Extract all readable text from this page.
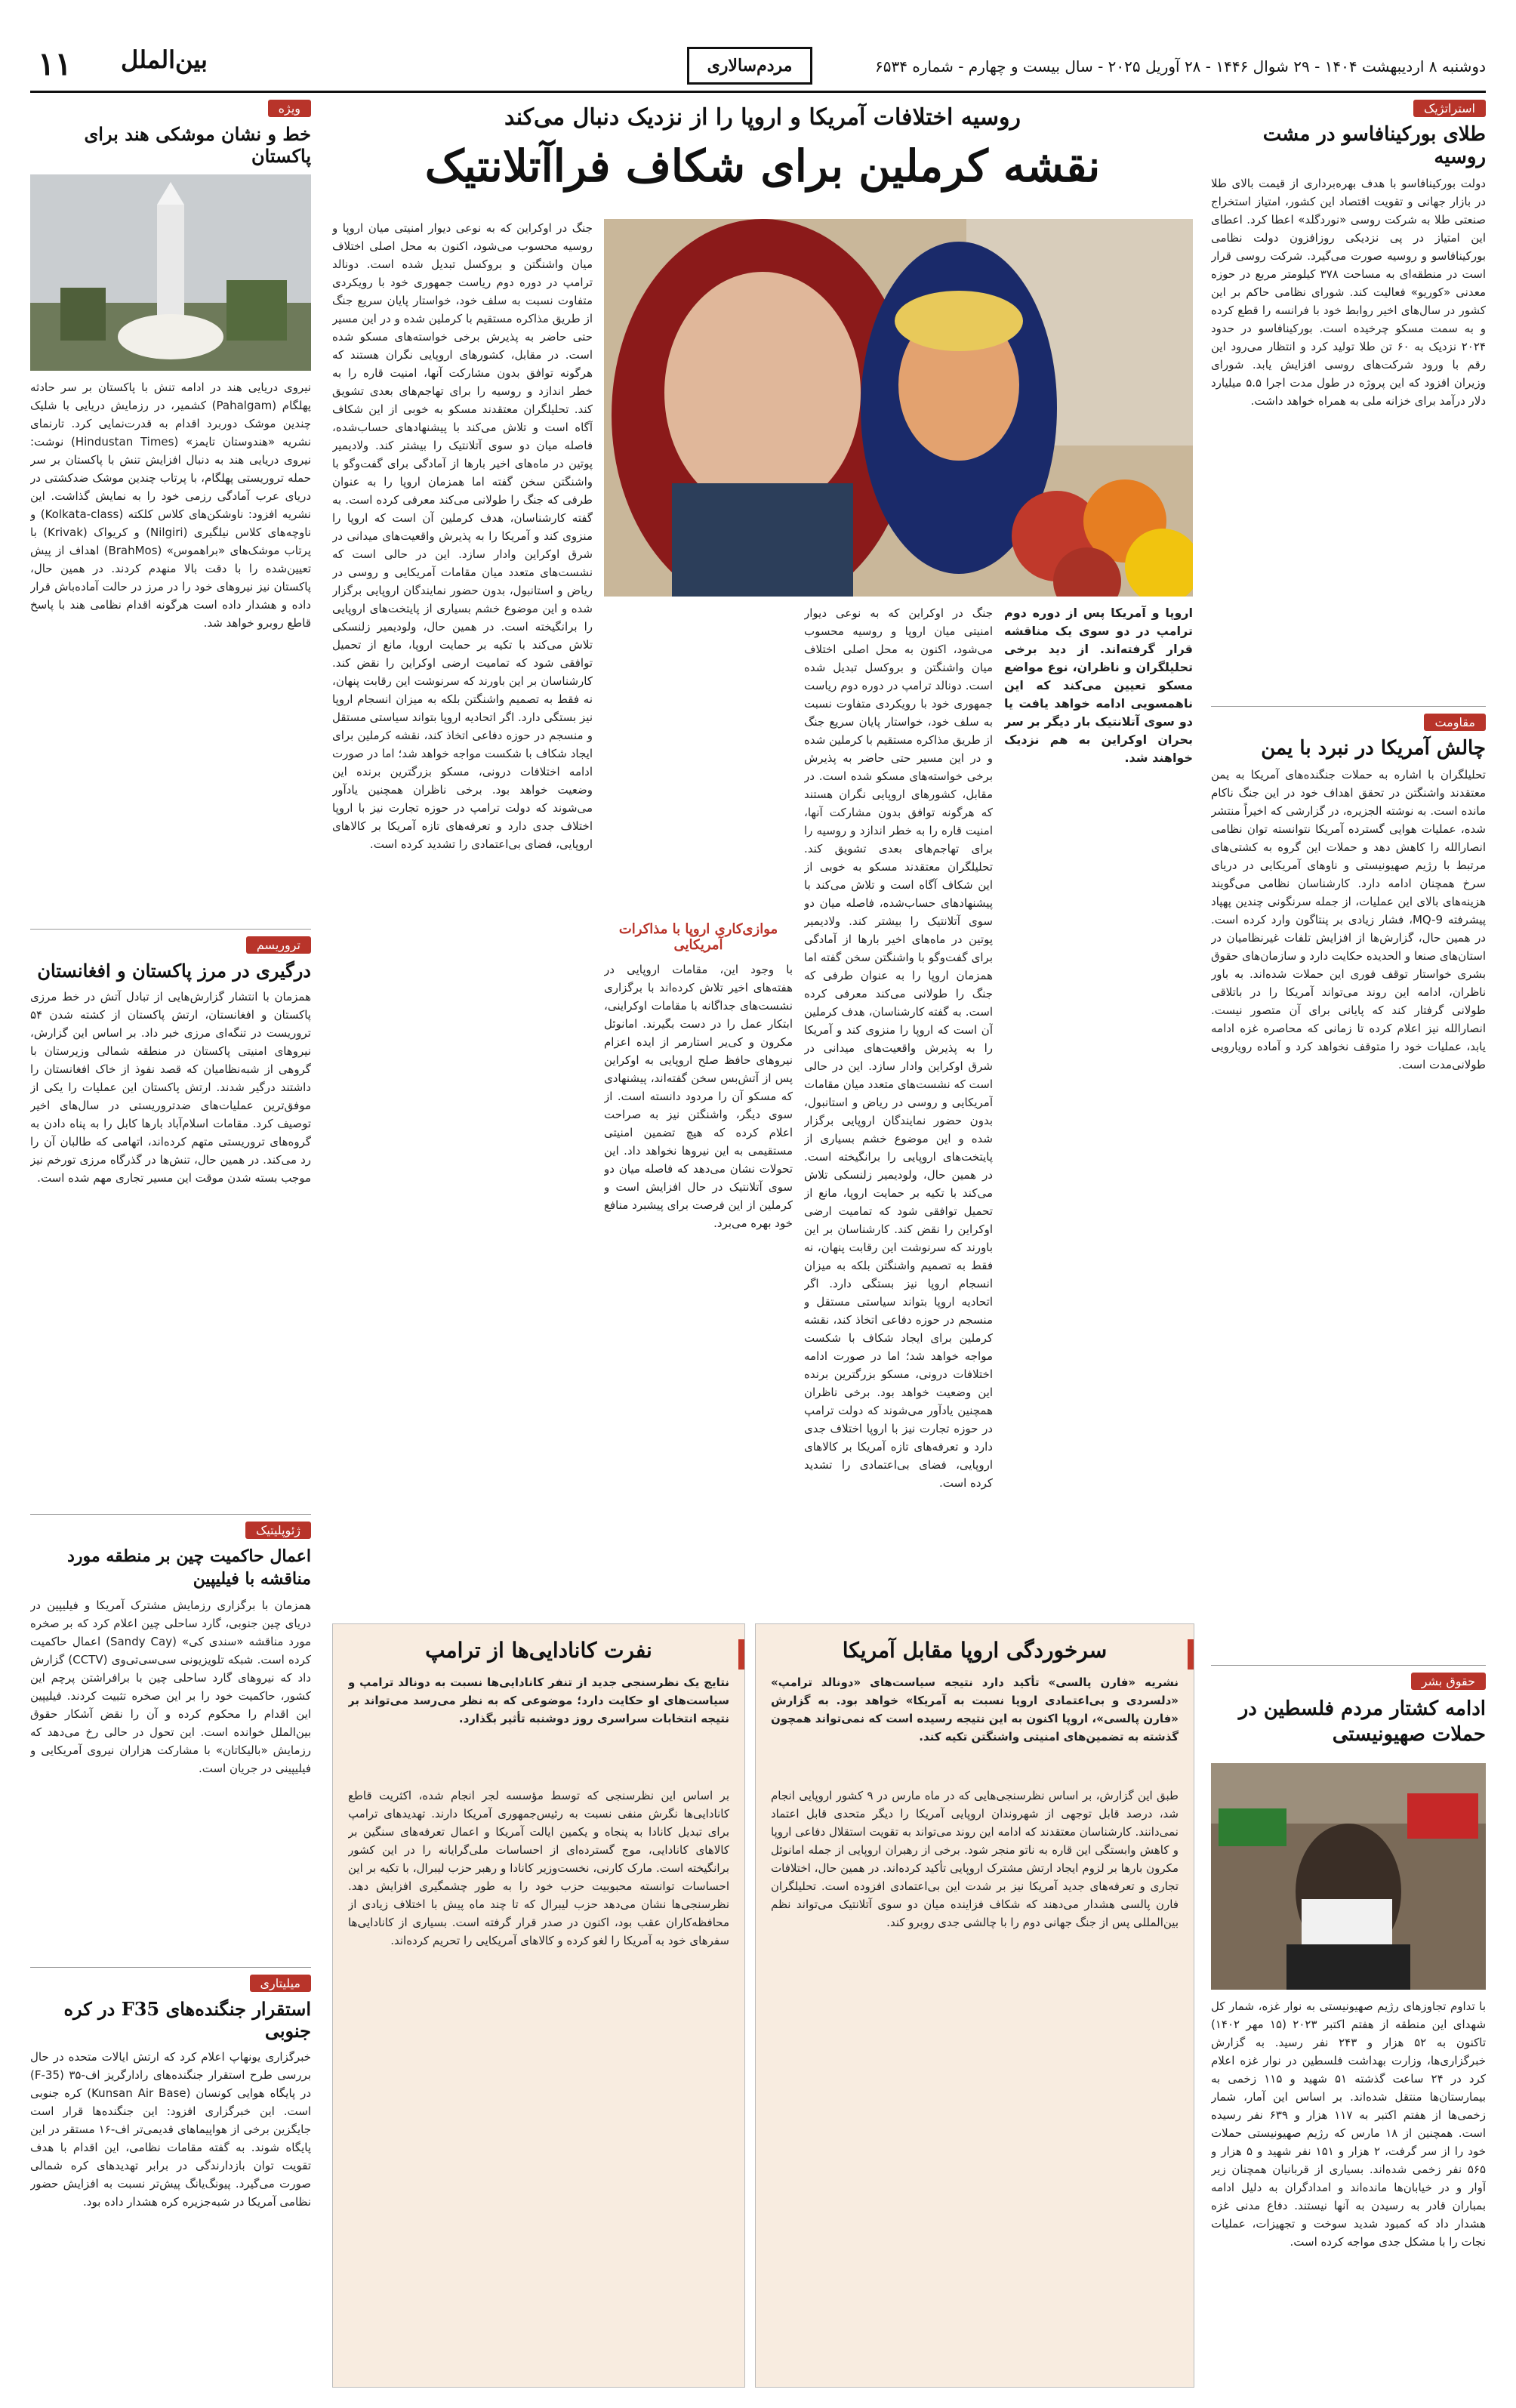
۱۱ بین‌الملل	مردم‌سالاری	دوشنبه ۸ اردیبهشت ۱۴۰۴ - ۲۹ شوال ۱۴۴۶ - ۲۸ آوریل ۲۰۲۵ - سال بیست و چهارم - شماره ۶۵۳۴
استراتژیک
طلای بورکینافاسو در مشت روسیه
دولت بورکینافاسو با هدف بهره‌برداری از قیمت بالای طلا در بازار جهانی و تقویت اقتصاد این کشور، امتیاز استخراج صنعتی طلا به شرکت روسی «نوردگلد» اعطا کرد. اعطای این امتیاز در پی نزدیکی روزافزون دولت نظامی بورکینافاسو و روسیه صورت می‌گیرد. شرکت روسی قرار است در منطقه‌ای به مساحت ۳۷۸ کیلومتر مربع در حوزه معدنی «کوریو» فعالیت کند. شورای نظامی حاکم بر این کشور در سال‌های اخیر روابط خود با فرانسه را قطع کرده و به سمت مسکو چرخیده است. بورکینافاسو در حدود ۲۰۲۴ نزدیک به ۶۰ تن طلا تولید کرد و انتظار می‌رود این رقم با ورود شرکت‌های روسی افزایش یابد. شورای وزیران افزود که این پروژه در طول مدت اجرا ۵.۵ میلیارد دلار درآمد برای خزانه ملی به همراه خواهد داشت.
مقاومت
چالش آمریکا در نبرد با یمن
تحلیلگران با اشاره به حملات جنگنده‌های آمریکا به یمن معتقدند واشنگتن در تحقق اهداف خود در این جنگ ناکام مانده است. به نوشته الجزیره، در گزارشی که اخیراً منتشر شده، عملیات هوایی گسترده آمریکا نتوانسته توان نظامی انصارالله را کاهش دهد و حملات این گروه به کشتی‌های مرتبط با رژیم صهیونیستی و ناوهای آمریکایی در دریای سرخ همچنان ادامه دارد. کارشناسان نظامی می‌گویند هزینه‌های بالای این عملیات، از جمله سرنگونی چندین پهپاد پیشرفته MQ-9، فشار زیادی بر پنتاگون وارد کرده است. در همین حال، گزارش‌ها از افزایش تلفات غیرنظامیان در استان‌های صنعا و الحدیده حکایت دارد و سازمان‌های حقوق بشری خواستار توقف فوری این حملات شده‌اند. به باور ناظران، ادامه این روند می‌تواند آمریکا را در باتلاقی طولانی گرفتار کند که پایانی برای آن متصور نیست. انصارالله نیز اعلام کرده تا زمانی که محاصره غزه ادامه یابد، عملیات خود را متوقف نخواهد کرد و آماده رویارویی طولانی‌مدت است.
حقوق بشر
ادامه کشتار مردم فلسطین در حملات صهیونیستی
با تداوم تجاوزهای رژیم صهیونیستی به نوار غزه، شمار کل شهدای این منطقه از هفتم اکتبر ۲۰۲۳ (۱۵ مهر ۱۴۰۲) تاکنون به ۵۲ هزار و ۲۴۳ نفر رسید. به گزارش خبرگزاری‌ها، وزارت بهداشت فلسطین در نوار غزه اعلام کرد در ۲۴ ساعت گذشته ۵۱ شهید و ۱۱۵ زخمی به بیمارستان‌ها منتقل شده‌اند. بر اساس این آمار، شمار زخمی‌ها از هفتم اکتبر به ۱۱۷ هزار و ۶۳۹ نفر رسیده است. همچنین از ۱۸ مارس که رژیم صهیونیستی حملات خود را از سر گرفت، ۲ هزار و ۱۵۱ نفر شهید و ۵ هزار و ۵۶۵ نفر زخمی شده‌اند. بسیاری از قربانیان همچنان زیر آوار و در خیابان‌ها مانده‌اند و امدادگران به دلیل ادامه بمباران قادر به رسیدن به آنها نیستند. دفاع مدنی غزه هشدار داد که کمبود شدید سوخت و تجهیزات، عملیات نجات را با مشکل جدی مواجه کرده است.
ویژه
خط و نشان موشکی هند برای پاکستان
نیروی دریایی هند در ادامه تنش با پاکستان بر سر حادثه پهلگام (Pahalgam) کشمیر، در رزمایش دریایی با شلیک چندین موشک دوربرد اقدام به قدرت‌نمایی کرد. تارنمای نشریه «هندوستان تایمز» (Hindustan Times) نوشت: نیروی دریایی هند به دنبال افزایش تنش با پاکستان بر سر حمله تروریستی پهلگام، با پرتاب چندین موشک ضدکشتی در دریای عرب آمادگی رزمی خود را به نمایش گذاشت. این نشریه افزود: ناوشکن‌های کلاس کلکته (Kolkata-class) و ناوچه‌های کلاس نیلگیری (Nilgiri) و کریواک (Krivak) با پرتاب موشک‌های «براهموس» (BrahMos) اهداف از پیش تعیین‌شده را با دقت بالا منهدم کردند. در همین حال، پاکستان نیز نیروهای خود را در مرز در حالت آماده‌باش قرار داده و هشدار داده است هرگونه اقدام نظامی هند با پاسخ قاطع روبرو خواهد شد.
تروریسم
درگیری در مرز پاکستان و افغانستان
همزمان با انتشار گزارش‌هایی از تبادل آتش در خط مرزی پاکستان و افغانستان، ارتش پاکستان از کشته شدن ۵۴ تروریست در تنگه‌ای مرزی خبر داد. بر اساس این گزارش، نیروهای امنیتی پاکستان در منطقه شمالی وزیرستان با گروهی از شبه‌نظامیان که قصد نفوذ از خاک افغانستان را داشتند درگیر شدند. ارتش پاکستان این عملیات را یکی از موفق‌ترین عملیات‌های ضدتروریستی در سال‌های اخیر توصیف کرد. مقامات اسلام‌آباد بارها کابل را به پناه دادن به گروه‌های تروریستی متهم کرده‌اند، اتهامی که طالبان آن را رد می‌کند. در همین حال، تنش‌ها در گذرگاه مرزی تورخم نیز موجب بسته شدن موقت این مسیر تجاری مهم شده است.
ژئوپلیتیک
اعمال حاکمیت چین بر منطقه مورد مناقشه با فیلیپین
همزمان با برگزاری رزمایش مشترک آمریکا و فیلیپین در دریای چین جنوبی، گارد ساحلی چین اعلام کرد که بر صخره مورد مناقشه «سندی کی» (Sandy Cay) اعمال حاکمیت کرده است. شبکه تلویزیونی سی‌سی‌تی‌وی (CCTV) گزارش داد که نیروهای گارد ساحلی چین با برافراشتن پرچم این کشور، حاکمیت خود را بر این صخره تثبیت کردند. فیلیپین این اقدام را محکوم کرده و آن را نقض آشکار حقوق بین‌الملل خوانده است. این تحول در حالی رخ می‌دهد که رزمایش «بالیکاتان» با مشارکت هزاران نیروی آمریکایی و فیلیپینی در جریان است.
میلیتاری
استقرار جنگنده‌های F35 در کره جنوبی
خبرگزاری یونهاپ اعلام کرد که ارتش ایالات متحده در حال بررسی طرح استقرار جنگنده‌های رادارگریز اف-۳۵ (F-35) در پایگاه هوایی کونسان (Kunsan Air Base) کره جنوبی است. این خبرگزاری افزود: این جنگنده‌ها قرار است جایگزین برخی از هواپیماهای قدیمی‌تر اف-۱۶ مستقر در این پایگاه شوند. به گفته مقامات نظامی، این اقدام با هدف تقویت توان بازدارندگی در برابر تهدیدهای کره شمالی صورت می‌گیرد. پیونگ‌یانگ پیش‌تر نسبت به افزایش حضور نظامی آمریکا در شبه‌جزیره کره هشدار داده بود.
روسیه اختلافات آمریکا و اروپا را از نزدیک دنبال می‌کند
نقشه کرملین برای شکاف فراآتلانتیک
اروپا و آمریکا پس از دوره دوم ترامپ در دو سوی یک مناقشه قرار گرفته‌اند. از دید برخی تحلیلگران و ناظران، نوع مواضع مسکو تعیین می‌کند که این ناهمسویی ادامه خواهد یافت یا دو سوی آتلانتیک بار دیگر بر سر بحران اوکراین به هم نزدیک خواهند شد.
جنگ در اوکراین که به نوعی دیوار امنیتی میان اروپا و روسیه محسوب می‌شود، اکنون به محل اصلی اختلاف میان واشنگتن و بروکسل تبدیل شده است. دونالد ترامپ در دوره دوم ریاست جمهوری خود با رویکردی متفاوت نسبت به سلف خود، خواستار پایان سریع جنگ از طریق مذاکره مستقیم با کرملین شده و در این مسیر حتی حاضر به پذیرش برخی خواسته‌های مسکو شده است. در مقابل، کشورهای اروپایی نگران هستند که هرگونه توافق بدون مشارکت آنها، امنیت قاره را به خطر اندازد و روسیه را برای تهاجم‌های بعدی تشویق کند. تحلیلگران معتقدند مسکو به خوبی از این شکاف آگاه است و تلاش می‌کند با پیشنهادهای حساب‌شده، فاصله میان دو سوی آتلانتیک را بیشتر کند. ولادیمیر پوتین در ماه‌های اخیر بارها از آمادگی برای گفت‌وگو با واشنگتن سخن گفته اما همزمان اروپا را به عنوان طرفی که جنگ را طولانی می‌کند معرفی کرده است. به گفته کارشناسان، هدف کرملین آن است که اروپا را منزوی کند و آمریکا را به پذیرش واقعیت‌های میدانی در شرق اوکراین وادار سازد. این در حالی است که نشست‌های متعدد میان مقامات آمریکایی و روسی در ریاض و استانبول، بدون حضور نمایندگان اروپایی برگزار شده و این موضوع خشم بسیاری از پایتخت‌های اروپایی را برانگیخته است. در همین حال، ولودیمیر زلنسکی تلاش می‌کند با تکیه بر حمایت اروپا، مانع از تحمیل توافقی شود که تمامیت ارضی اوکراین را نقض کند. کارشناسان بر این باورند که سرنوشت این رقابت پنهان، نه فقط به تصمیم واشنگتن بلکه به میزان انسجام اروپا نیز بستگی دارد. اگر اتحادیه اروپا بتواند سیاستی مستقل و منسجم در حوزه دفاعی اتخاذ کند، نقشه کرملین برای ایجاد شکاف با شکست مواجه خواهد شد؛ اما در صورت ادامه اختلافات درونی، مسکو بزرگترین برنده این وضعیت خواهد بود. برخی ناظران همچنین یادآور می‌شوند که دولت ترامپ در حوزه تجارت نیز با اروپا اختلاف جدی دارد و تعرفه‌های تازه آمریکا بر کالاهای اروپایی، فضای بی‌اعتمادی را تشدید کرده است.
موازی‌کاری اروپا با مذاکرات آمریکایی
با وجود این، مقامات اروپایی در هفته‌های اخیر تلاش کرده‌اند با برگزاری نشست‌های جداگانه با مقامات اوکراینی، ابتکار عمل را در دست بگیرند. امانوئل مکرون و کی‌یر استارمر از ایده اعزام نیروهای حافظ صلح اروپایی به اوکراین پس از آتش‌بس سخن گفته‌اند، پیشنهادی که مسکو آن را مردود دانسته است. از سوی دیگر، واشنگتن نیز به صراحت اعلام کرده که هیچ تضمین امنیتی مستقیمی به این نیروها نخواهد داد. این تحولات نشان می‌دهد که فاصله میان دو سوی آتلانتیک در حال افزایش است و کرملین از این فرصت برای پیشبرد منافع خود بهره می‌برد.
جنگ در اوکراین که به نوعی دیوار امنیتی میان اروپا و روسیه محسوب می‌شود، اکنون به محل اصلی اختلاف میان واشنگتن و بروکسل تبدیل شده است. دونالد ترامپ در دوره دوم ریاست جمهوری خود با رویکردی متفاوت نسبت به سلف خود، خواستار پایان سریع جنگ از طریق مذاکره مستقیم با کرملین شده و در این مسیر حتی حاضر به پذیرش برخی خواسته‌های مسکو شده است. در مقابل، کشورهای اروپایی نگران هستند که هرگونه توافق بدون مشارکت آنها، امنیت قاره را به خطر اندازد و روسیه را برای تهاجم‌های بعدی تشویق کند. تحلیلگران معتقدند مسکو به خوبی از این شکاف آگاه است و تلاش می‌کند با پیشنهادهای حساب‌شده، فاصله میان دو سوی آتلانتیک را بیشتر کند. ولادیمیر پوتین در ماه‌های اخیر بارها از آمادگی برای گفت‌وگو با واشنگتن سخن گفته اما همزمان اروپا را به عنوان طرفی که جنگ را طولانی می‌کند معرفی کرده است. به گفته کارشناسان، هدف کرملین آن است که اروپا را منزوی کند و آمریکا را به پذیرش واقعیت‌های میدانی در شرق اوکراین وادار سازد. این در حالی است که نشست‌های متعدد میان مقامات آمریکایی و روسی در ریاض و استانبول، بدون حضور نمایندگان اروپایی برگزار شده و این موضوع خشم بسیاری از پایتخت‌های اروپایی را برانگیخته است. در همین حال، ولودیمیر زلنسکی تلاش می‌کند با تکیه بر حمایت اروپا، مانع از تحمیل توافقی شود که تمامیت ارضی اوکراین را نقض کند. کارشناسان بر این باورند که سرنوشت این رقابت پنهان، نه فقط به تصمیم واشنگتن بلکه به میزان انسجام اروپا نیز بستگی دارد. اگر اتحادیه اروپا بتواند سیاستی مستقل و منسجم در حوزه دفاعی اتخاذ کند، نقشه کرملین برای ایجاد شکاف با شکست مواجه خواهد شد؛ اما در صورت ادامه اختلافات درونی، مسکو بزرگترین برنده این وضعیت خواهد بود. برخی ناظران همچنین یادآور می‌شوند که دولت ترامپ در حوزه تجارت نیز با اروپا اختلاف جدی دارد و تعرفه‌های تازه آمریکا بر کالاهای اروپایی، فضای بی‌اعتمادی را تشدید کرده است.
سرخوردگی اروپا مقابل آمریکا
نشریه «فارن پالسی» تأکید دارد نتیجه سیاست‌های «دونالد ترامپ» «دلسردی و بی‌اعتمادی اروپا نسبت به آمریکا» خواهد بود. به گزارش «فارن پالسی»، اروپا اکنون به این نتیجه رسیده است که نمی‌تواند همچون گذشته به تضمین‌های امنیتی واشنگتن تکیه کند.
طبق این گزارش، بر اساس نظرسنجی‌هایی که در ماه مارس در ۹ کشور اروپایی انجام شد، درصد قابل توجهی از شهروندان اروپایی آمریکا را دیگر متحدی قابل اعتماد نمی‌دانند. کارشناسان معتقدند که ادامه این روند می‌تواند به تقویت استقلال دفاعی اروپا و کاهش وابستگی این قاره به ناتو منجر شود. برخی از رهبران اروپایی از جمله امانوئل مکرون بارها بر لزوم ایجاد ارتش مشترک اروپایی تأکید کرده‌اند. در همین حال، اختلافات تجاری و تعرفه‌های جدید آمریکا نیز بر شدت این بی‌اعتمادی افزوده است. تحلیلگران فارن پالسی هشدار می‌دهند که شکاف فزاینده میان دو سوی آتلانتیک می‌تواند نظم بین‌المللی پس از جنگ جهانی دوم را با چالشی جدی روبرو کند.
نفرت کانادایی‌ها از ترامپ
نتایج یک نظرسنجی جدید از تنفر کانادایی‌ها نسبت به دونالد ترامپ و سیاست‌های او حکایت دارد؛ موضوعی که به نظر می‌رسد می‌تواند بر نتیجه انتخابات سراسری روز دوشنبه تأثیر بگذارد.
بر اساس این نظرسنجی که توسط مؤسسه لجر انجام شده، اکثریت قاطع کانادایی‌ها نگرش منفی نسبت به رئیس‌جمهوری آمریکا دارند. تهدیدهای ترامپ برای تبدیل کانادا به پنجاه و یکمین ایالت آمریکا و اعمال تعرفه‌های سنگین بر کالاهای کانادایی، موج گسترده‌ای از احساسات ملی‌گرایانه را در این کشور برانگیخته است. مارک کارنی، نخست‌وزیر کانادا و رهبر حزب لیبرال، با تکیه بر این احساسات توانسته محبوبیت حزب خود را به طور چشمگیری افزایش دهد. نظرسنجی‌ها نشان می‌دهد حزب لیبرال که تا چند ماه پیش با اختلاف زیادی از محافظه‌کاران عقب بود، اکنون در صدر قرار گرفته است. بسیاری از کانادایی‌ها سفرهای خود به آمریکا را لغو کرده و کالاهای آمریکایی را تحریم کرده‌اند.
